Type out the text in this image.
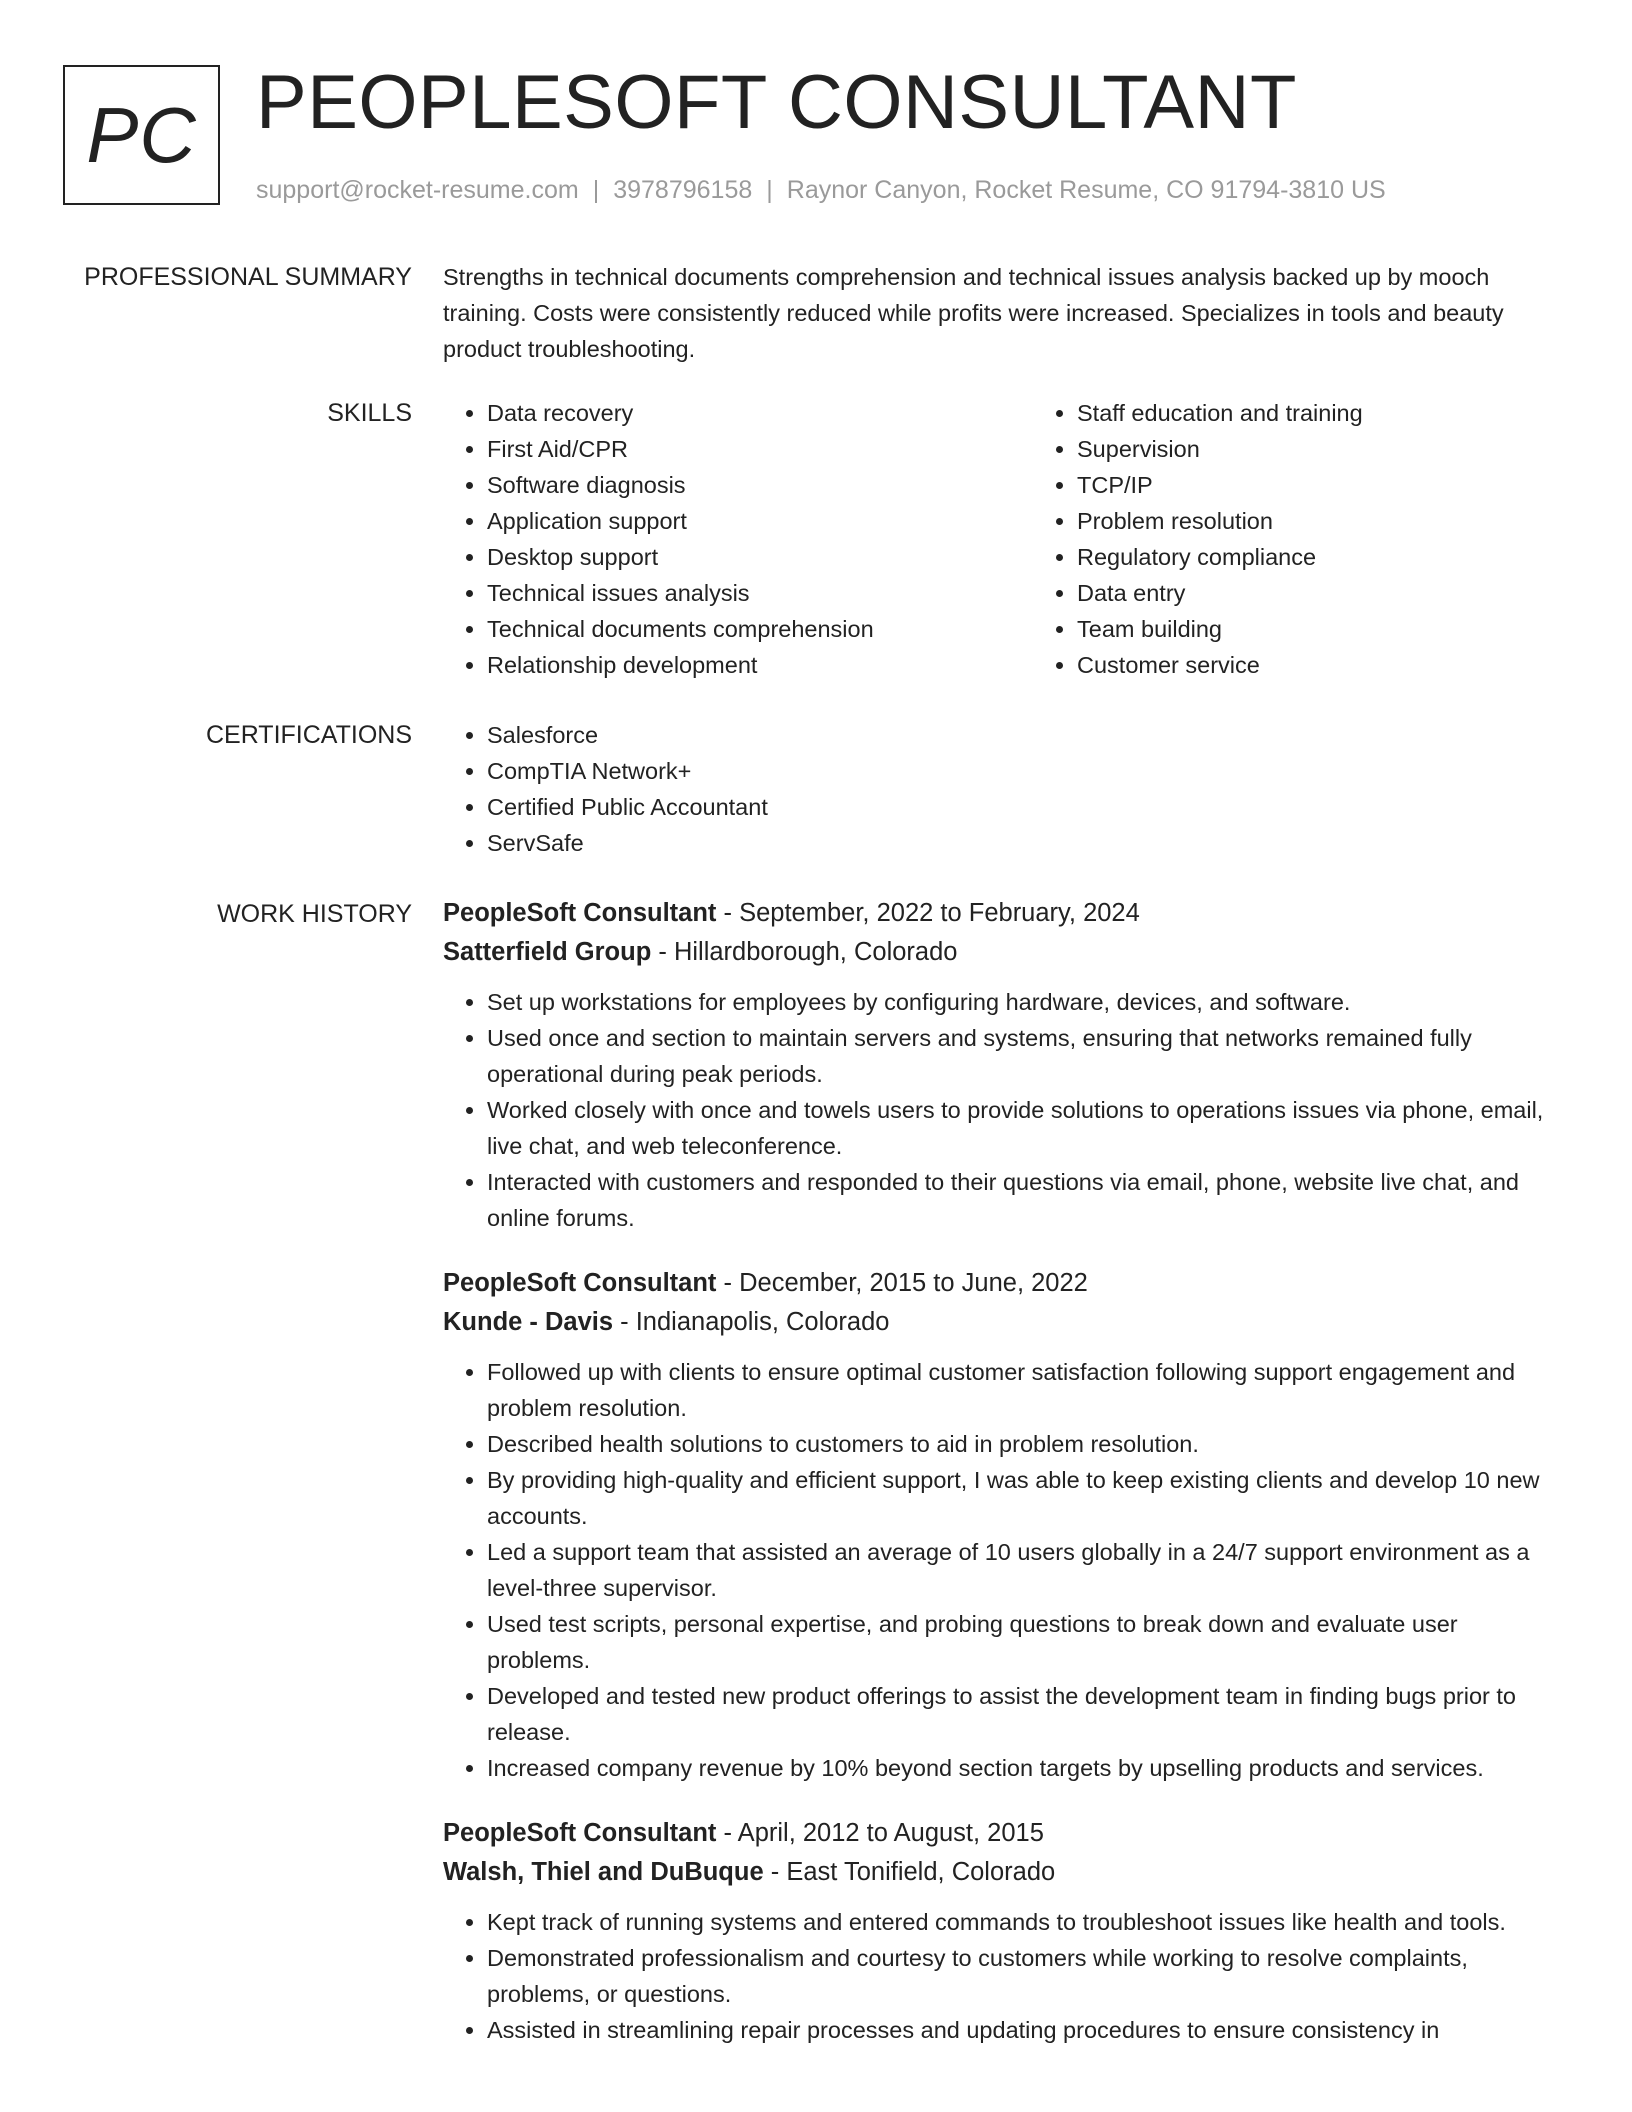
PC PEOPLESOFT CONSULTANT
support@rocket-resume.com | 3978796158 | Raynor Canyon, Rocket Resume, CO 91794-3810 US
PROFESSIONAL SUMMARY Strengths in technical documents comprehension and technical issues analysis backed up by mooch training. Costs were consistently reduced while profits were increased. Specializes in tools and beauty product troubleshooting.

SKILLS	• Data recovery
• First Aid/CPR
• Software diagnosis
• Application support
• Desktop support
• Technical issues analysis
• Technical documents comprehension
• Relationship development
• Staff education and training
• Supervision
• TCP/IP
• Problem resolution
• Regulatory compliance
• Data entry
• Team building
• Customer service
CERTIFICATIONS	• Salesforce
• CompTIA Network+
• Certified Public Accountant
• ServSafe
WORK HISTORY PeopleSoft Consultant - September, 2022 to February, 2024
Satterfield Group - Hillardborough, Colorado
• Set up workstations for employees by configuring hardware, devices, and software.
• Used once and section to maintain servers and systems, ensuring that networks remained fully operational during peak periods.
• Worked closely with once and towels users to provide solutions to operations issues via phone, email, live chat, and web teleconference.
• Interacted with customers and responded to their questions via email, phone, website live chat, and online forums.
PeopleSoft Consultant - December, 2015 to June, 2022
Kunde - Davis - Indianapolis, Colorado
• Followed up with clients to ensure optimal customer satisfaction following support engagement and problem resolution.
• Described health solutions to customers to aid in problem resolution.
• By providing high-quality and efficient support, I was able to keep existing clients and develop 10 new accounts.
• Led a support team that assisted an average of 10 users globally in a 24/7 support environment as a level-three supervisor.
• Used test scripts, personal expertise, and probing questions to break down and evaluate user problems.
• Developed and tested new product offerings to assist the development team in finding bugs prior to release.
• Increased company revenue by 10% beyond section targets by upselling products and services.
PeopleSoft Consultant - April, 2012 to August, 2015
Walsh, Thiel and DuBuque - East Tonifield, Colorado
• Kept track of running systems and entered commands to troubleshoot issues like health and tools.
• Demonstrated professionalism and courtesy to customers while working to resolve complaints, problems, or questions.
• Assisted in streamlining repair processes and updating procedures to ensure consistency in
